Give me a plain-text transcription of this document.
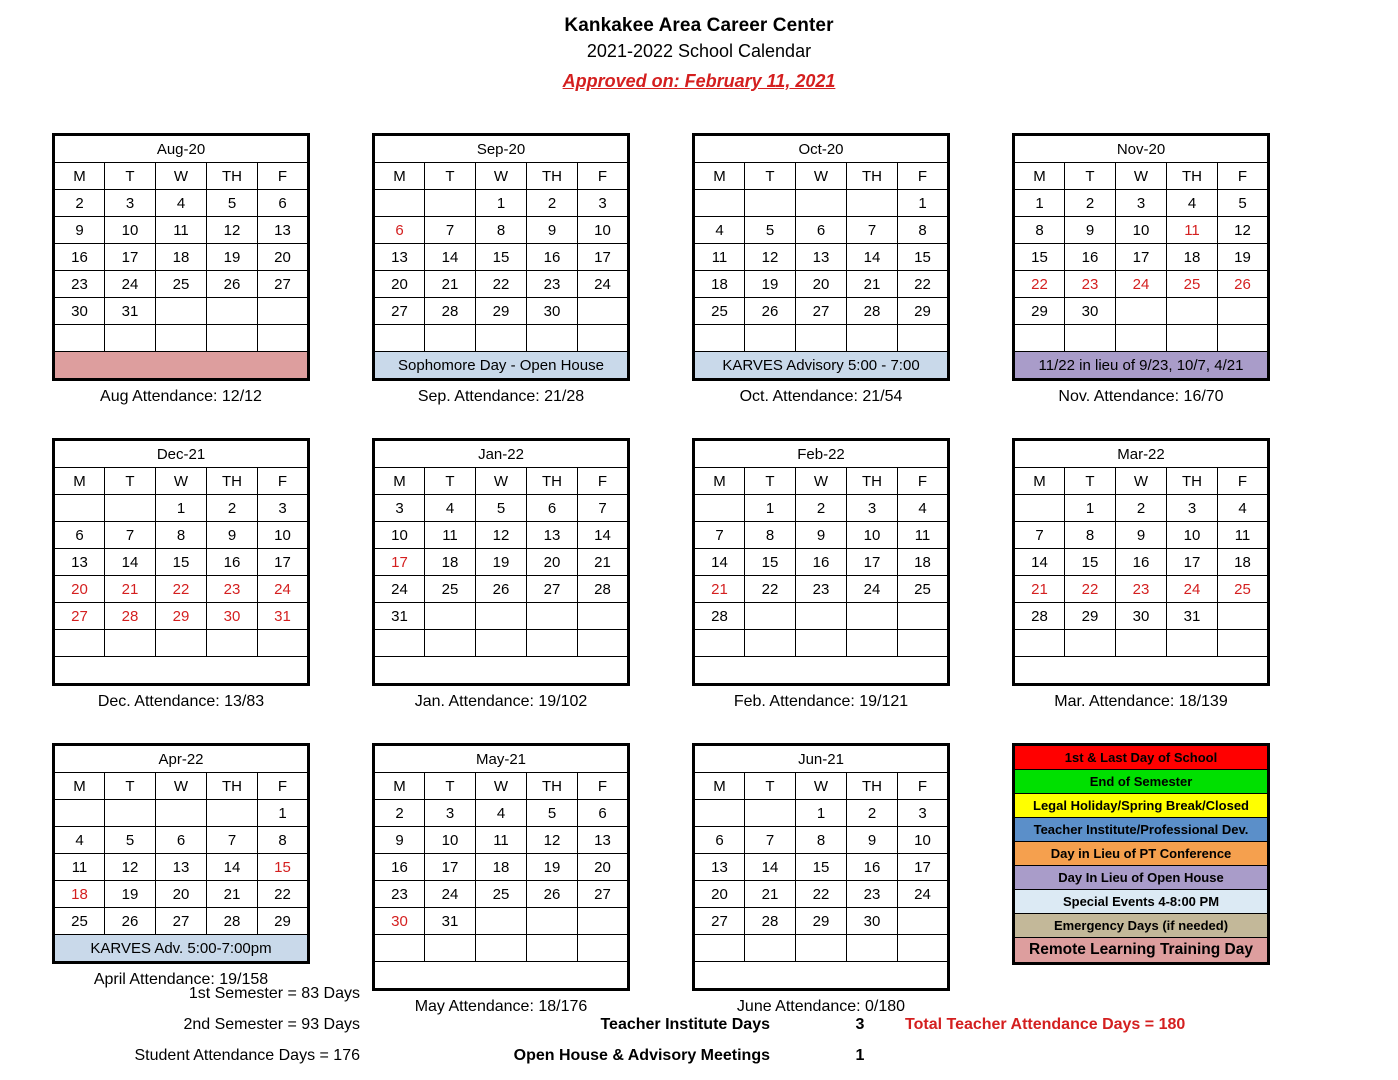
Kankakee Area Career Center
2021-2022 School Calendar
Approved on: February 11, 2021
Aug-20				
M	T	W	TH	F
2	3	4	5	6
9	10	11	12	13
16	17	18	19	20
23	24	25	26	27
30	31			

Aug Attendance: 12/12
Sep-20				
M	T	W	TH	F
		1	2	3
6	7	8	9	10
13	14	15	16	17
20	21	22	23	24
27	28	29	30	

Sophomore Day - Open House				
Sep. Attendance: 21/28
Oct-20				
M	T	W	TH	F
				1
4	5	6	7	8
11	12	13	14	15
18	19	20	21	22
25	26	27	28	29

KARVES Advisory 5:00 - 7:00				
Oct. Attendance: 21/54
Nov-20				
M	T	W	TH	F
1	2	3	4	5
8	9	10	11	12
15	16	17	18	19
22	23	24	25	26
29	30			

11/22 in lieu of 9/23, 10/7, 4/21				
Nov. Attendance: 16/70
Dec-21				
M	T	W	TH	F
		1	2	3
6	7	8	9	10
13	14	15	16	17
20	21	22	23	24
27	28	29	30	31

Dec. Attendance: 13/83
Jan-22				
M	T	W	TH	F
3	4	5	6	7
10	11	12	13	14
17	18	19	20	21
24	25	26	27	28
31				

Jan. Attendance: 19/102
Feb-22				
M	T	W	TH	F
	1	2	3	4
7	8	9	10	11
14	15	16	17	18
21	22	23	24	25
28				

Feb. Attendance: 19/121
Mar-22				
M	T	W	TH	F
	1	2	3	4
7	8	9	10	11
14	15	16	17	18
21	22	23	24	25
28	29	30	31	

Mar. Attendance: 18/139
Apr-22				
M	T	W	TH	F
				1
4	5	6	7	8
11	12	13	14	15
18	19	20	21	22
25	26	27	28	29
KARVES Adv. 5:00-7:00pm				
April Attendance: 19/158
May-21				
M	T	W	TH	F
2	3	4	5	6
9	10	11	12	13
16	17	18	19	20
23	24	25	26	27
30	31			

May Attendance: 18/176
Jun-21				
M	T	W	TH	F
		1	2	3
6	7	8	9	10
13	14	15	16	17
20	21	22	23	24
27	28	29	30	

June Attendance: 0/180
1st & Last Day of School
End of Semester
Legal Holiday/Spring Break/Closed
Teacher Institute/Professional Dev.
Day in Lieu of PT Conference
Day In Lieu of Open House
Special Events 4-8:00 PM
Emergency Days (if needed)
Remote Learning Training Day
1st Semester = 83 Days
2nd Semester = 93 Days
Student Attendance Days = 176
Teacher Institute Days
Open House & Advisory Meetings
3
1
Total Teacher Attendance Days = 180
